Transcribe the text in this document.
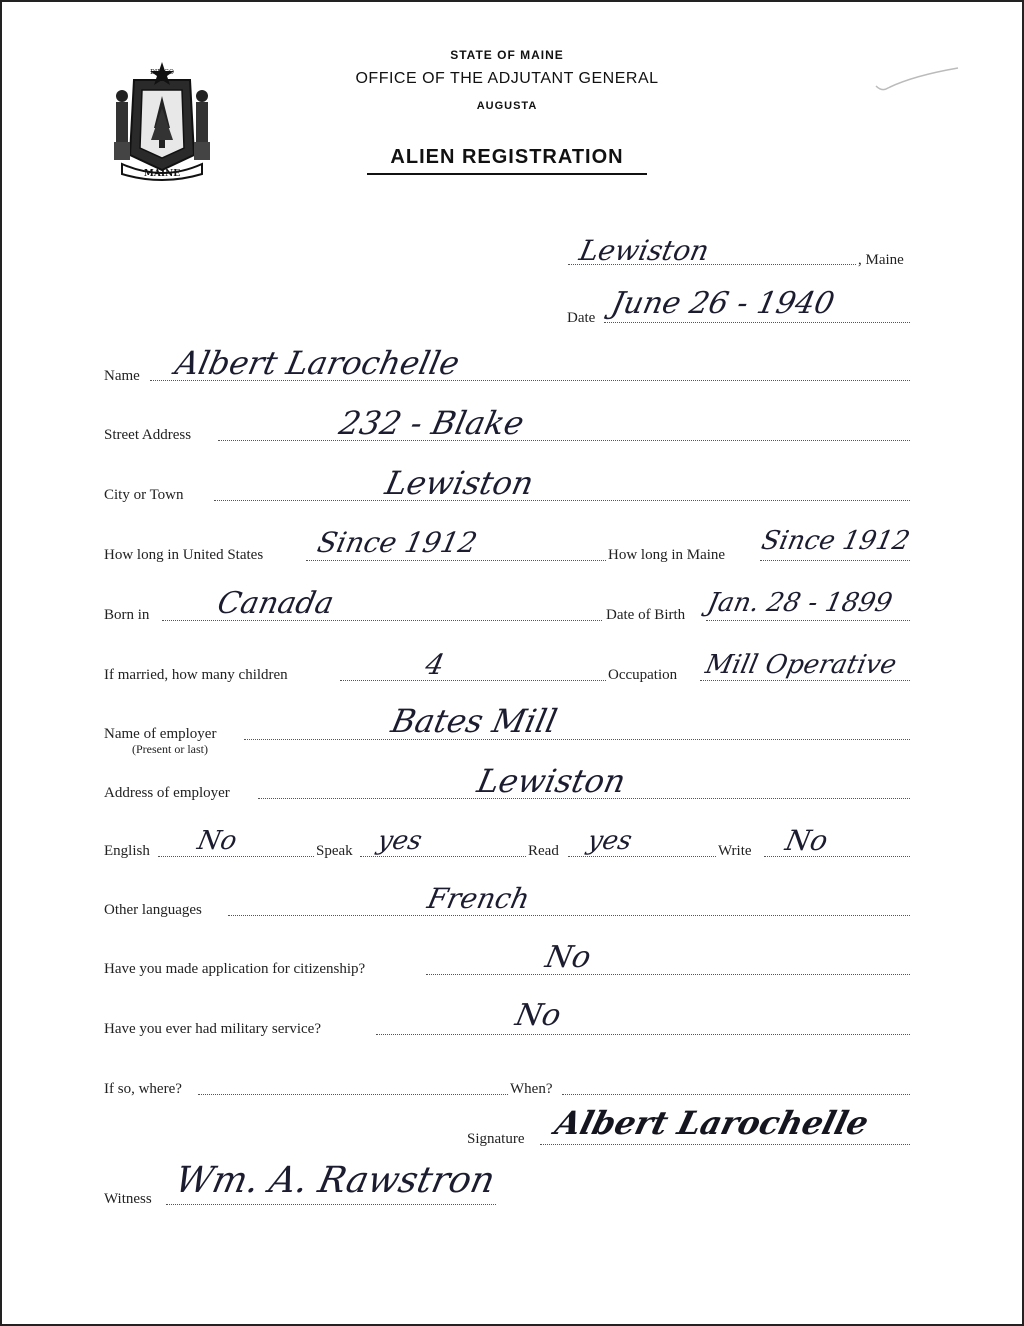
MAINE
DIRIGO
STATE OF MAINE
OFFICE OF THE ADJUTANT GENERAL
AUGUSTA
ALIEN REGISTRATION
Lewiston	, Maine
Date June 26 - 1940
Name Albert Larochelle
Street Address	232 - Blake
City or Town	Lewiston
How long in United States Since 1912	How long in Maine Since 1912
Born in Canada	Date of Birth Jan. 28 - 1899
If married, how many children	4	Occupation Mill Operative
Name of employer
(Present or last)
Bates Mill
Address of employer	Lewiston
English No	Speak yes	Read yes	Write No
Other languages	French
Have you made application for citizenship?	No
Have you ever had military service?	No
If so, where?	When?
Signature Albert Larochelle
Witness Wm. A. Rawstron
